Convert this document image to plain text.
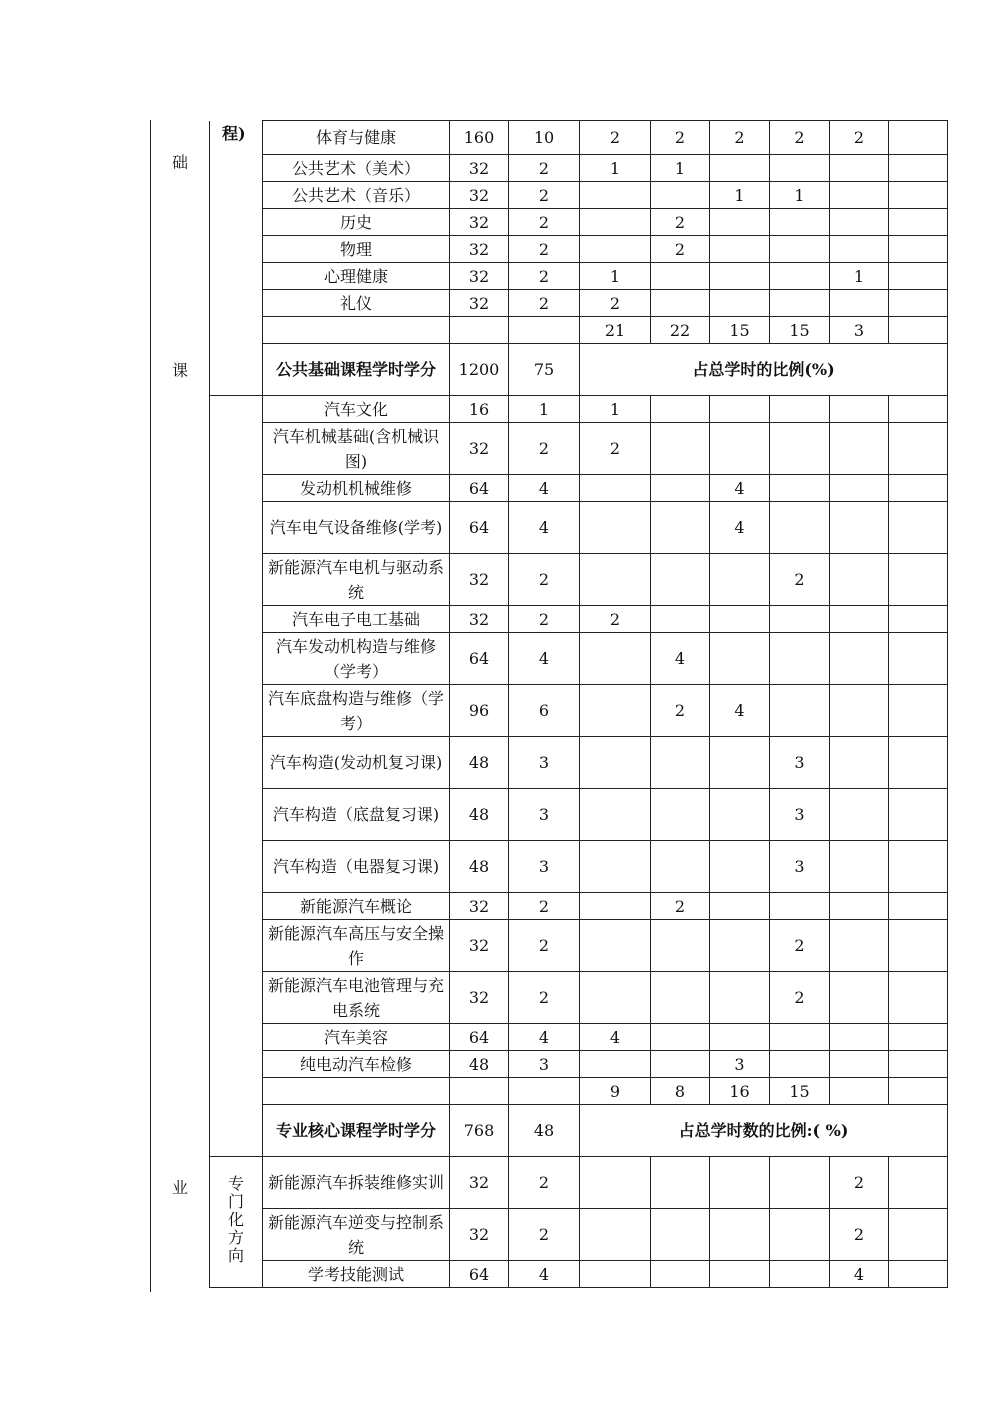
础
课
业
程)	体育与健康	160	10	2	2	2	2	2	

	公共艺术（美术）	32	2	1	1				

	公共艺术（音乐）	32	2			1	1		

	历史	32	2		2				

	物理	32	2		2				

	心理健康	32	2	1				1	

	礼仪	32	2	2					
				21	22	15	15	3	
	公共基础课程学时学分	1200	75	占总学时的比例(%)					

	汽车文化	16	1	1					

	汽车机械基础(含机械识图)	32	2	2					

	发动机机械维修	64	4			4			

	汽车电气设备维修(学考)	64	4			4			

	新能源汽车电机与驱动系统	32	2				2		

	汽车电子电工基础	32	2	2					

	汽车发动机构造与维修（学考）	64	4		4				

	汽车底盘构造与维修（学考）	96	6		2	4			

	汽车构造(发动机复习课)	48	3				3		

	汽车构造（底盘复习课)	48	3				3		

	汽车构造（电器复习课)	48	3				3		

	新能源汽车概论	32	2		2				

	新能源汽车高压与安全操作	32	2				2		

	新能源汽车电池管理与充电系统	32	2				2		

	汽车美容	64	4	4					

	纯电动汽车检修	48	3			3			
				9	8	16	15		
	专业核心课程学时学分	768	48	占总学时数的比例:( %)					

专门化方向	新能源汽车拆装维修实训	32	2					2	

	新能源汽车逆变与控制系统	32	2					2	

	学考技能测试	64	4					4	
